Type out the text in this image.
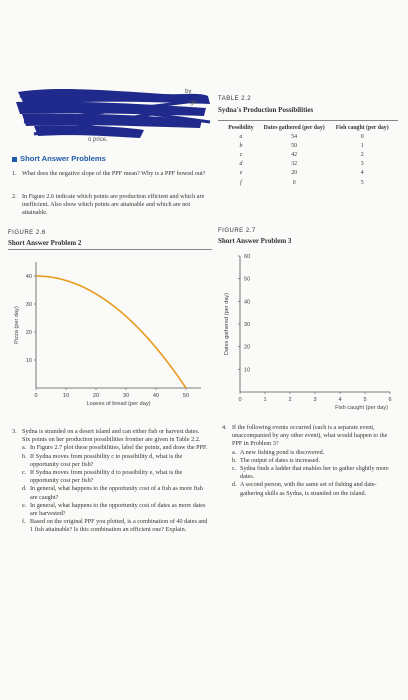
by
ge.
o price.
Short Answer Problems
1. What does the negative slope of the PPF mean? Why is a PPF bowed out?
2. In Figure 2.6 indicate which points are production efficient and which are inefficient. Also show which points are attainable and which are not attainable.
TABLE 2.2
Sydna's Production Possibilities
Possibility	Dates gathered (per day)	Fish caught (per day)
a	54	0
b	50	1
c	42	2
d	32	3
e	20	4
f	0	5
FIGURE 2.6
Short Answer Problem 2
0	10	20	30	40	50
10
20
30
40
Loaves of bread (per day)
Pizza (per day)
FIGURE 2.7
Short Answer Problem 3
0	1	2	3	4	5	6
10
20
30
40
50
60
Fish caught (per day)
Dates gathered (per day)
3. Sydna is stranded on a desert island and can either fish or harvest dates. Six points on her production possibilities frontier are given in Table 2.2.
a. In Figure 2.7 plot these possibilities, label the points, and draw the PPF.
b. If Sydna moves from possibility c to possibility d, what is the opportunity cost per fish?
c. If Sydna moves from possibility d to possibility e, what is the opportunity cost per fish?
d. In general, what happens to the opportunity cost of a fish as more fish are caught?
e. In general, what happens to the opportunity cost of dates as more dates are harvested?
f. Based on the original PPF you plotted, is a combination of 40 dates and 1 fish attainable? Is this combination an efficient one? Explain.
4. If the following events occurred (each is a separate event, unaccompanied by any other event), what would happen to the PPF in Problem 3?
a. A new fishing pond is discovered.
b. The output of dates is increased.
c. Sydna finds a ladder that enables her to gather slightly more dates.
d. A second person, with the same set of fishing and date-gathering skills as Sydna, is stranded on the island.
